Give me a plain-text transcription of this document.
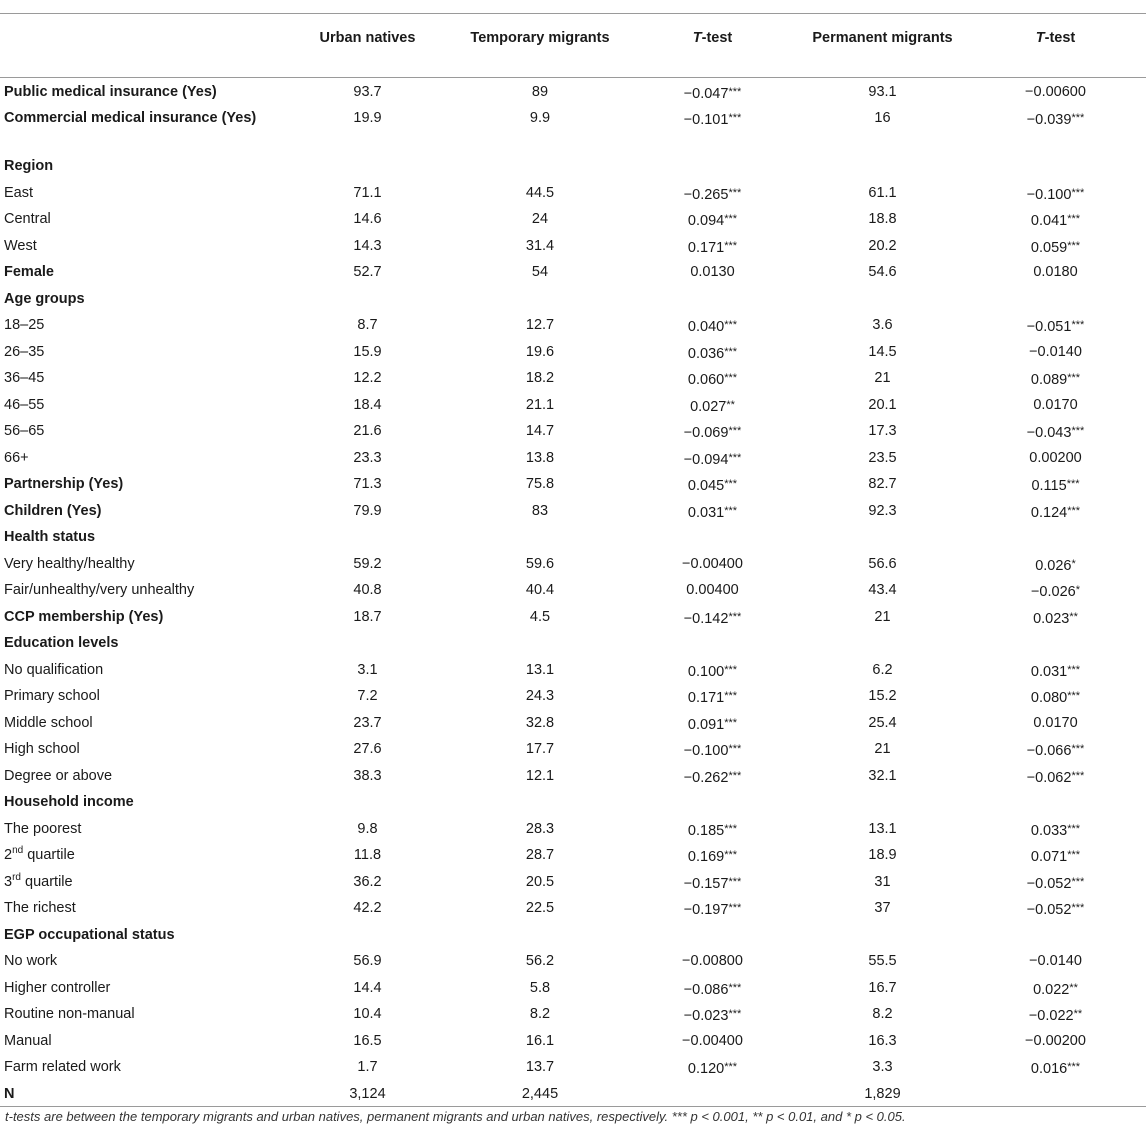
	Urban natives	Temporary migrants	T-test	Permanent migrants	T-test
Public medical insurance (Yes)	93.7	89	−0.047***	93.1	−0.00600
Commercial medical insurance (Yes)	19.9	9.9	−0.101***	16	−0.039***
Region					
East	71.1	44.5	−0.265***	61.1	−0.100***
Central	14.6	24	0.094***	18.8	0.041***
West	14.3	31.4	0.171***	20.2	0.059***
Female	52.7	54	0.0130	54.6	0.0180
Age groups					
18–25	8.7	12.7	0.040***	3.6	−0.051***
26–35	15.9	19.6	0.036***	14.5	−0.0140
36–45	12.2	18.2	0.060***	21	0.089***
46–55	18.4	21.1	0.027**	20.1	0.0170
56–65	21.6	14.7	−0.069***	17.3	−0.043***
66+	23.3	13.8	−0.094***	23.5	0.00200
Partnership (Yes)	71.3	75.8	0.045***	82.7	0.115***
Children (Yes)	79.9	83	0.031***	92.3	0.124***
Health status					
Very healthy/healthy	59.2	59.6	−0.00400	56.6	0.026*
Fair/unhealthy/very unhealthy	40.8	40.4	0.00400	43.4	−0.026*
CCP membership (Yes)	18.7	4.5	−0.142***	21	0.023**
Education levels					
No qualification	3.1	13.1	0.100***	6.2	0.031***
Primary school	7.2	24.3	0.171***	15.2	0.080***
Middle school	23.7	32.8	0.091***	25.4	0.0170
High school	27.6	17.7	−0.100***	21	−0.066***
Degree or above	38.3	12.1	−0.262***	32.1	−0.062***
Household income					
The poorest	9.8	28.3	0.185***	13.1	0.033***
2nd quartile	11.8	28.7	0.169***	18.9	0.071***
3rd quartile	36.2	20.5	−0.157***	31	−0.052***
The richest	42.2	22.5	−0.197***	37	−0.052***
EGP occupational status					
No work	56.9	56.2	−0.00800	55.5	−0.0140
Higher controller	14.4	5.8	−0.086***	16.7	0.022**
Routine non-manual	10.4	8.2	−0.023***	8.2	−0.022**
Manual	16.5	16.1	−0.00400	16.3	−0.00200
Farm related work	1.7	13.7	0.120***	3.3	0.016***
N	3,124	2,445		1,829	
t-tests are between the temporary migrants and urban natives, permanent migrants and urban natives, respectively. *** p < 0.001, ** p < 0.01, and * p < 0.05.
